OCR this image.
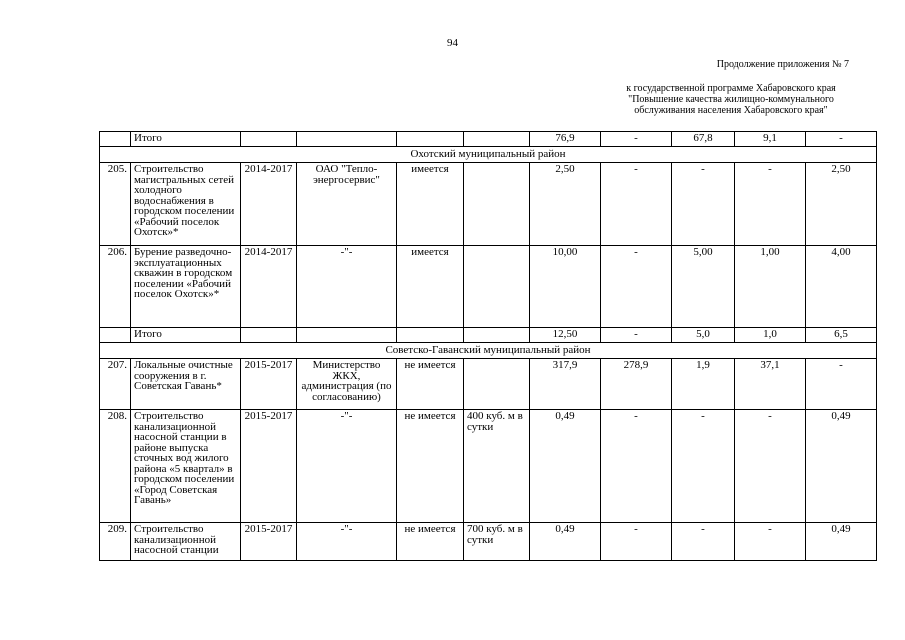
94
Продолжение приложения № 7
к государственной программе Хабаровского края
"Повышение качества жилищно-коммунального
обслуживания населения Хабаровского края"
	Итого					76,9	-	67,8	9,1	-
Охотский муниципальный район										
205.	Строительство магистральных сетей холодного водоснабжения в городском поселении «Рабочий поселок Охотск»*	2014-2017	ОАО "Тепло-энергосервис"	имеется		2,50	-	-	-	2,50
206.	Бурение разведочно-эксплуатационных скважин в городском поселении «Рабочий поселок Охотск»*	2014-2017	-"-	имеется		10,00	-	5,00	1,00	4,00
	Итого					12,50	-	5,0	1,0	6,5
Советско-Гаванский муниципальный район										
207.	Локальные очистные сооружения в г. Советская Гавань*	2015-2017	Министерство ЖКХ, администрация (по согласованию)	не имеется		317,9	278,9	1,9	37,1	-
208.	Строительство канализационной насосной станции в районе выпуска сточных вод жилого района «5 квартал» в городском поселении «Город Советская Гавань»	2015-2017	-"-	не имеется	400 куб. м в сутки	0,49	-	-	-	0,49
209.	Строительство канализационной насосной станции	2015-2017	-"-	не имеется	700 куб. м в сутки	0,49	-	-	-	0,49
